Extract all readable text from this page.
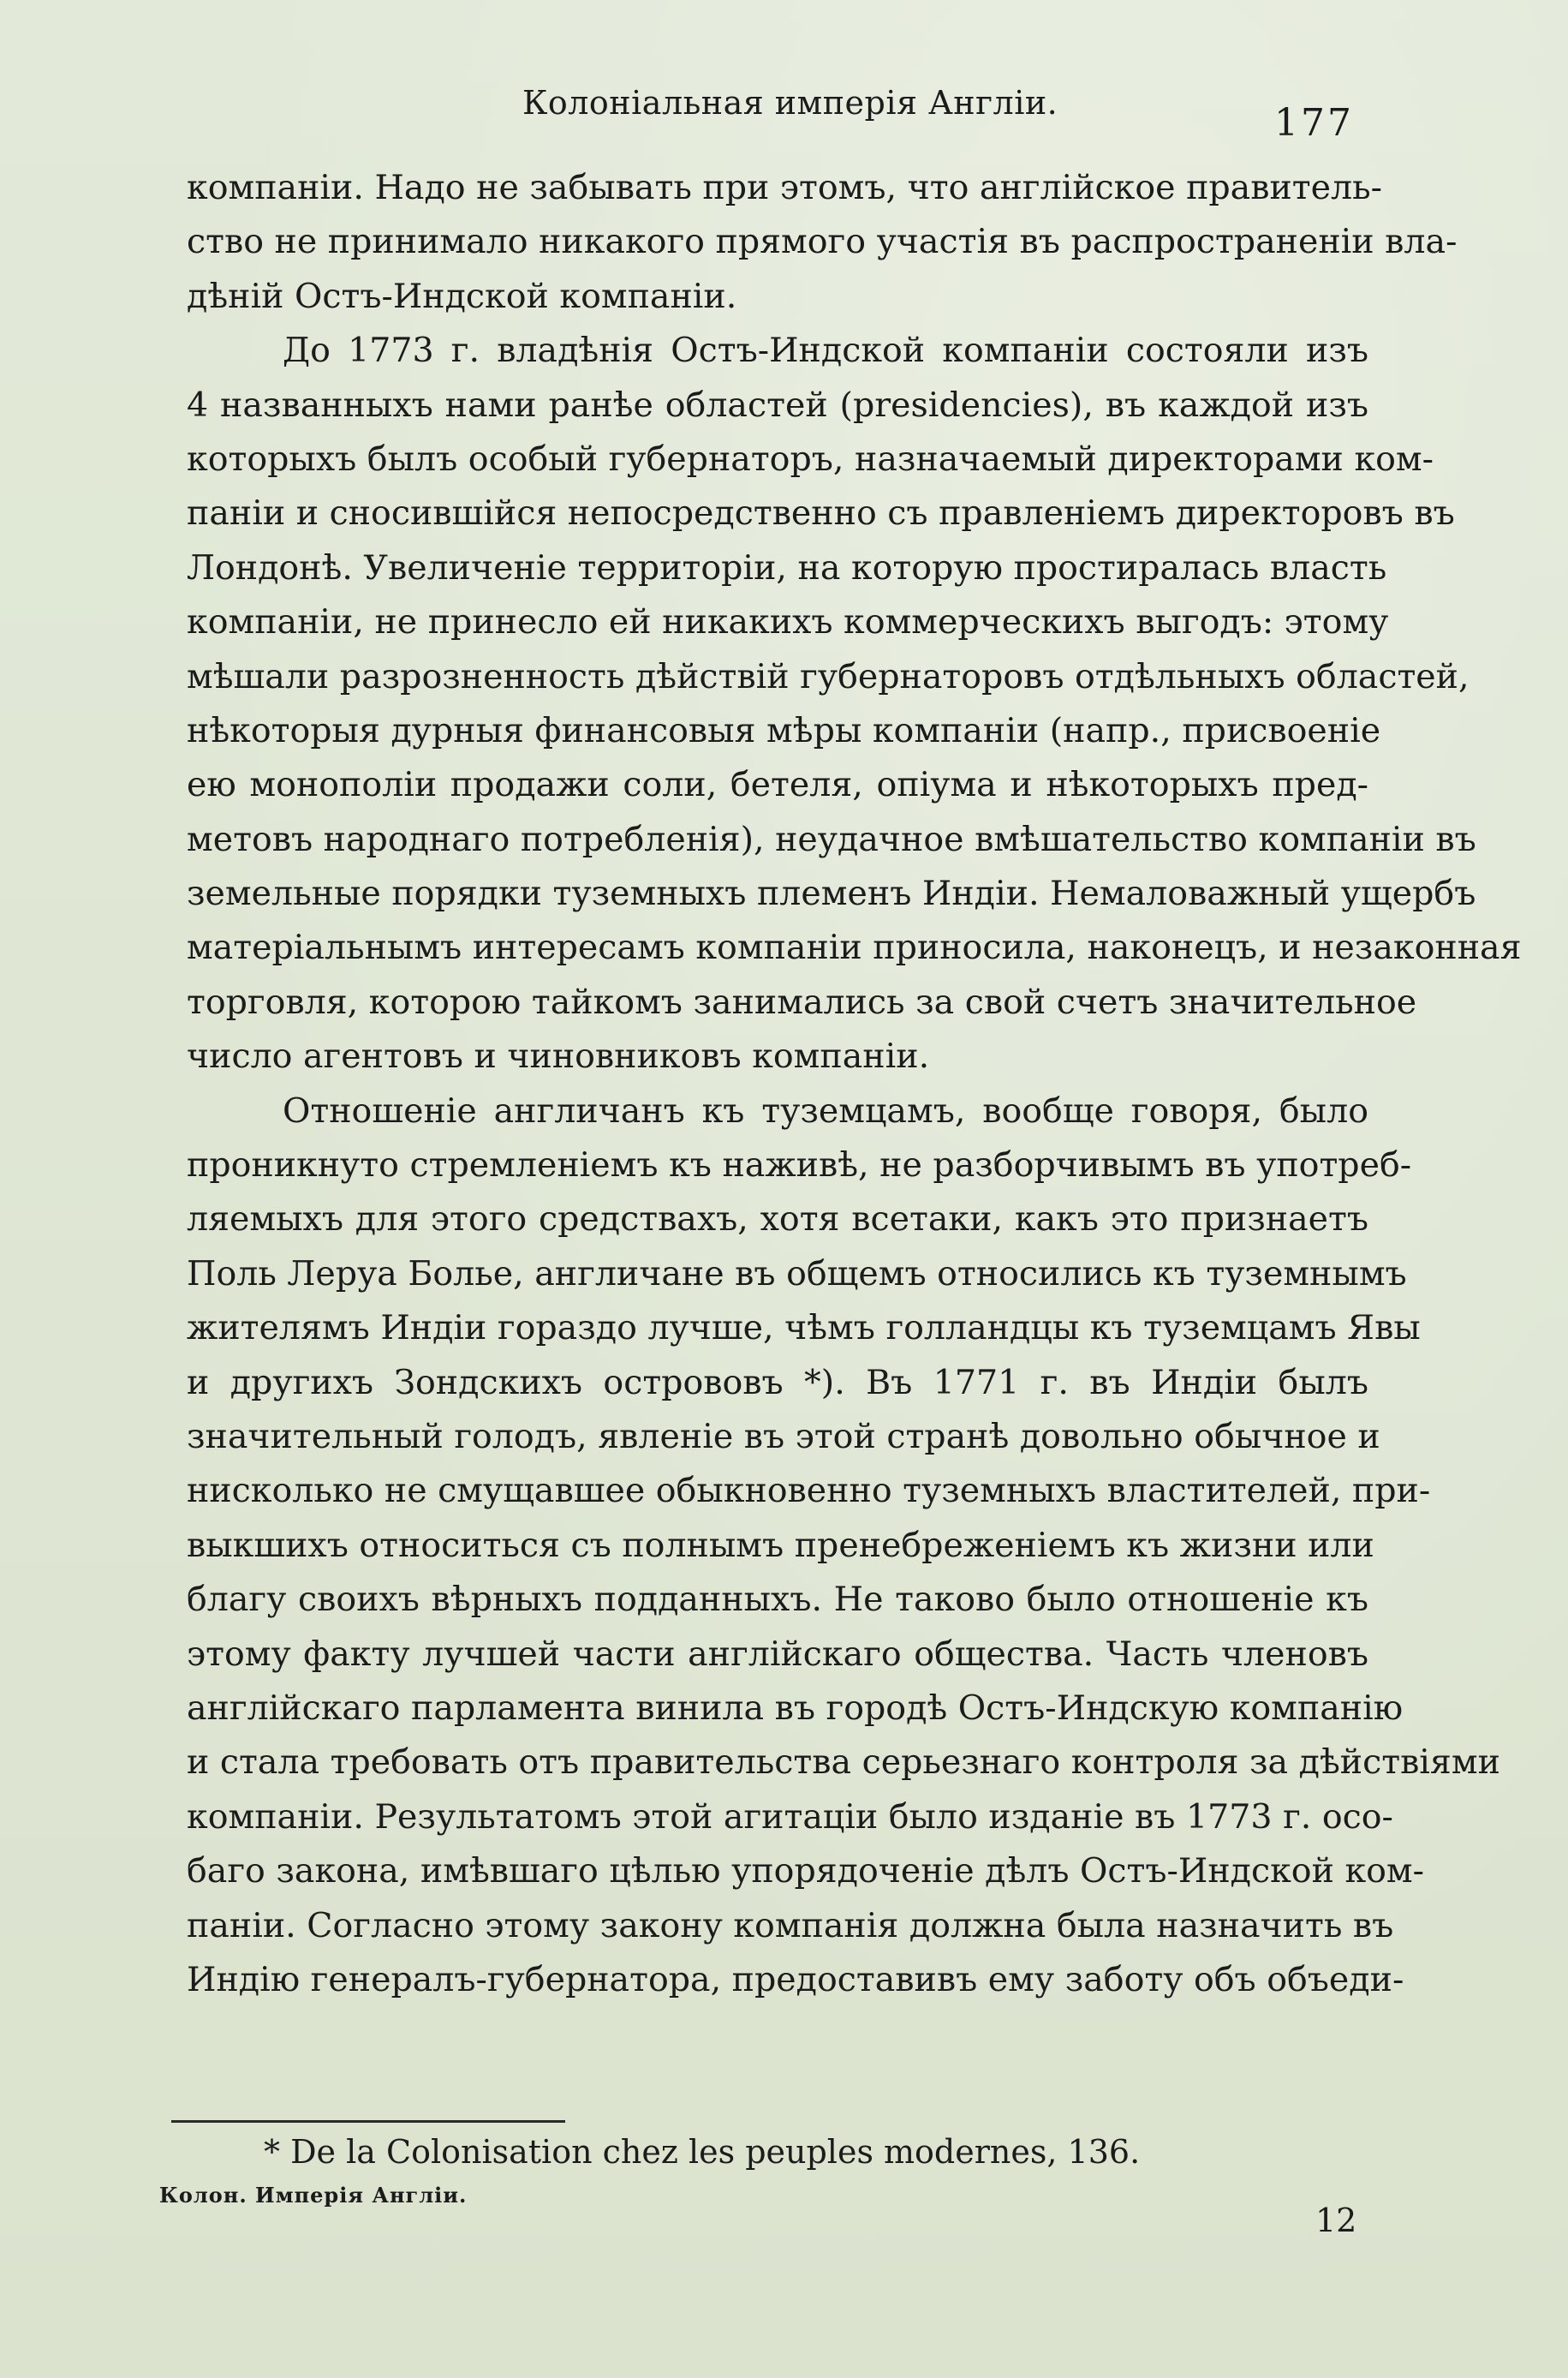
Колоніальная имперія Англіи.	177
компаніи. Надо не забывать при этомъ, что англійское правитель-
ство не принимало никакого прямого участія въ распространеніи вла-
дѣній Остъ-Индской компаніи.
До 1773 г. владѣнія Остъ-Индской компаніи состояли изъ
4 названныхъ нами ранѣе областей (presidencies), въ каждой изъ
которыхъ былъ особый губернаторъ, назначаемый директорами ком-
паніи и сносившійся непосредственно съ правленіемъ директоровъ въ
Лондонѣ. Увеличеніе территоріи, на которую простиралась власть
компаніи, не принесло ей никакихъ коммерческихъ выгодъ: этому
мѣшали разрозненность дѣйствій губернаторовъ отдѣльныхъ областей,
нѣкоторыя дурныя финансовыя мѣры компаніи (напр., присвоеніе
ею монополіи продажи соли, бетеля, опіума и нѣкоторыхъ пред-
метовъ народнаго потребленія), неудачное вмѣшательство компаніи въ
земельные порядки туземныхъ племенъ Индіи. Немаловажный ущербъ
матеріальнымъ интересамъ компаніи приносила, наконецъ, и незаконная
торговля, которою тайкомъ занимались за свой счетъ значительное
число агентовъ и чиновниковъ компаніи.
Отношеніе англичанъ къ туземцамъ, вообще говоря, было
проникнуто стремленіемъ къ наживѣ, не разборчивымъ въ употреб-
ляемыхъ для этого средствахъ, хотя всетаки, какъ это признаетъ
Поль Леруа Болье, англичане въ общемъ относились къ туземнымъ
жителямъ Индіи гораздо лучше, чѣмъ голландцы къ туземцамъ Явы
и другихъ Зондскихъ острововъ *). Въ 1771 г. въ Индіи былъ
значительный голодъ, явленіе въ этой странѣ довольно обычное и
нисколько не смущавшее обыкновенно туземныхъ властителей, при-
выкшихъ относиться съ полнымъ пренебреженіемъ къ жизни или
благу своихъ вѣрныхъ подданныхъ. Не таково было отношеніе къ
этому факту лучшей части англійскаго общества. Часть членовъ
англійскаго парламента винила въ городѣ Остъ-Индскую компанію
и стала требовать отъ правительства серьезнаго контроля за дѣйствіями
компаніи. Результатомъ этой агитаціи было изданіе въ 1773 г. осо-
баго закона, имѣвшаго цѣлью упорядоченіе дѣлъ Остъ-Индской ком-
паніи. Согласно этому закону компанія должна была назначить въ
Индію генералъ-губернатора, предоставивъ ему заботу объ объеди-
* De la Colonisation chez les peuples modernes, 136.
Колон. Имперія Англіи.
12
